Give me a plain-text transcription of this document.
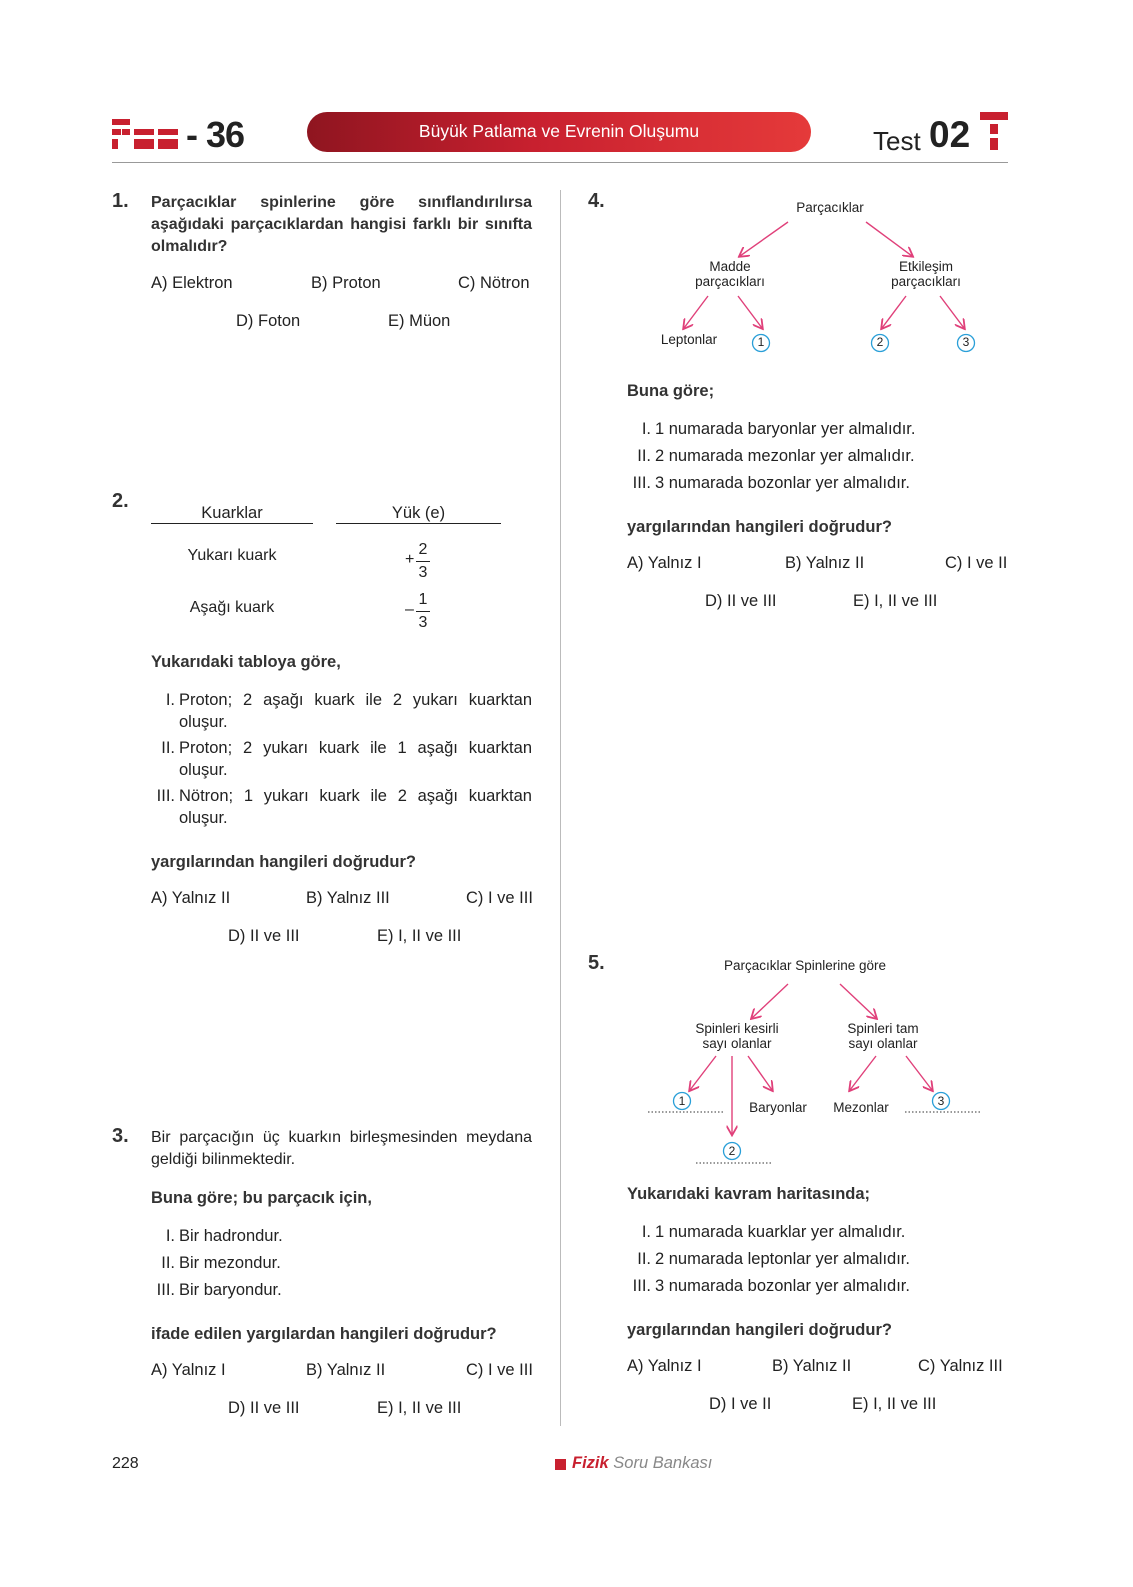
- 36	Büyük Patlama ve Evrenin Oluşumu	Test 02
1. Parçacıklar spinlerine göre sınıflandırılırsa aşağıdaki parçacıklardan hangisi farklı bir sınıfta olmalıdır?
A) Elektron	B) Proton	C) Nötron
D) Foton	E) Müon
2.
Kuarklar	Yük (e)
Yukarı kuark	+
2
3
Aşağı kuark	–
1
3
Yukarıdaki tabloya göre,
I. Proton; 2 aşağı kuark ile 2 yukarı kuarktan oluşur.
II. Proton; 2 yukarı kuark ile 1 aşağı kuarktan oluşur.
III. Nötron; 1 yukarı kuark ile 2 aşağı kuarktan oluşur.
yargılarından hangileri doğrudur?
A) Yalnız II	B) Yalnız III	C) I ve III
D) II ve III	E) I, II ve III
3. Bir parçacığın üç kuarkın birleşmesinden meydana geldiği bilinmektedir.
Buna göre; bu parçacık için,
I. Bir hadrondur.
II. Bir mezondur.
III. Bir baryondur.
ifade edilen yargılardan hangileri doğrudur?
A) Yalnız I	B) Yalnız II	C) I ve III
D) II ve III	E) I, II ve III
4.	Parçacıklar
Madde
parçacıkları
Etkileşim
parçacıkları
Leptonlar	1	2	3
Buna göre;
I. 1 numarada baryonlar yer almalıdır.
II. 2 numarada mezonlar yer almalıdır.
III. 3 numarada bozonlar yer almalıdır.
yargılarından hangileri doğrudur?
A) Yalnız I	B) Yalnız II	C) I ve II
D) II ve III	E) I, II ve III
5.	Parçacıklar Spinlerine göre
Spinleri kesirli
sayı olanlar
Spinleri tam
sayı olanlar
Baryonlar	Mezonlar
1
2
3
Yukarıdaki kavram haritasında;
I. 1 numarada kuarklar yer almalıdır.
II. 2 numarada leptonlar yer almalıdır.
III. 3 numarada bozonlar yer almalıdır.
yargılarından hangileri doğrudur?
A) Yalnız I	B) Yalnız II	C) Yalnız III
D) I ve II	E) I, II ve III
228	Fizik Soru Bankası
